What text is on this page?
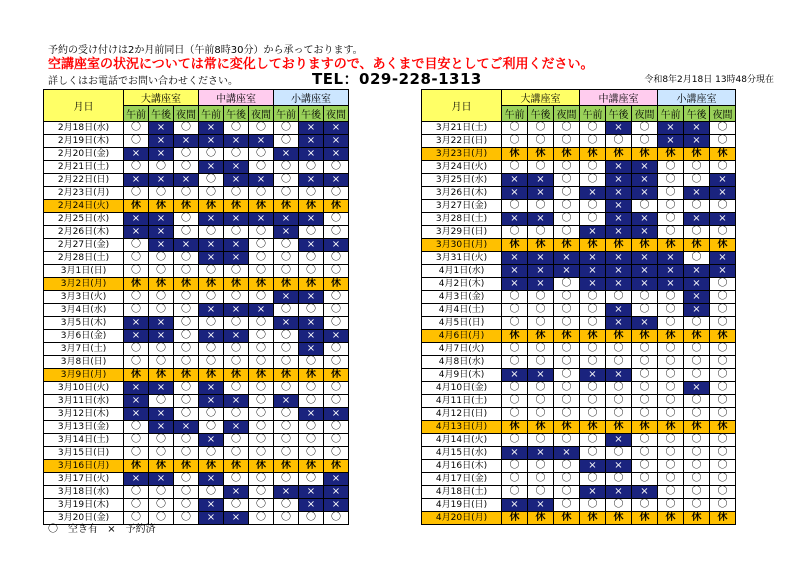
予約の受け付けは2か月前同日（午前8時30分）から承っております。
空講座室の状況については常に変化しておりますので、あくまで目安としてご利用ください。
詳しくはお電話でお問い合わせください。	TEL：029-228-1313	令和8年2月18日 13時48分現在
月日	大講座室			中講座室			小講座室		
	午前	午後	夜間	午前	午後	夜間	午前	午後	夜間
2月18日(水)	〇	×	〇	×	〇	〇	〇	×	×
2月19日(木)	〇	×	×	×	×	×	〇	×	×
2月20日(金)	×	×	〇	〇	〇	〇	×	×	×
2月21日(土)	〇	〇	〇	×	×	〇	〇	〇	〇
2月22日(日)	×	×	×	〇	×	×	〇	×	×
2月23日(月)	〇	〇	〇	〇	〇	〇	〇	〇	〇
2月24日(火)	休	休	休	休	休	休	休	休	休
2月25日(水)	×	×	〇	×	×	×	×	×	〇
2月26日(木)	×	×	〇	〇	〇	〇	×	〇	〇
2月27日(金)	〇	×	×	×	×	〇	〇	×	×
2月28日(土)	〇	〇	〇	×	×	〇	〇	〇	〇
3月1日(日)	〇	〇	〇	〇	〇	〇	〇	〇	〇
3月2日(月)	休	休	休	休	休	休	休	休	休
3月3日(火)	〇	〇	〇	〇	〇	〇	×	×	〇
3月4日(水)	〇	〇	〇	×	×	×	〇	〇	〇
3月5日(木)	×	×	〇	〇	〇	〇	×	×	〇
3月6日(金)	×	×	〇	×	×	〇	〇	×	×
3月7日(土)	〇	〇	〇	〇	〇	〇	〇	×	〇
3月8日(日)	〇	〇	〇	〇	〇	〇	〇	〇	〇
3月9日(月)	休	休	休	休	休	休	休	休	休
3月10日(火)	×	×	〇	×	〇	〇	〇	〇	〇
3月11日(水)	×	〇	〇	×	×	〇	×	〇	〇
3月12日(木)	×	×	〇	〇	〇	〇	〇	×	×
3月13日(金)	〇	×	×	〇	×	〇	〇	〇	〇
3月14日(土)	〇	〇	〇	×	〇	〇	〇	〇	〇
3月15日(日)	〇	〇	〇	〇	〇	〇	〇	〇	〇
3月16日(月)	休	休	休	休	休	休	休	休	休
3月17日(火)	×	×	〇	×	〇	〇	〇	〇	×
3月18日(水)	〇	〇	〇	〇	×	〇	×	×	×
3月19日(木)	〇	〇	〇	×	〇	〇	〇	×	×
3月20日(金)	〇	〇	〇	×	×	〇	〇	〇	〇
月日	大講座室			中講座室			小講座室		
	午前	午後	夜間	午前	午後	夜間	午前	午後	夜間
3月21日(土)	〇	〇	〇	〇	×	〇	×	×	〇
3月22日(日)	〇	〇	〇	〇	〇	〇	×	×	〇
3月23日(月)	休	休	休	休	休	休	休	休	休
3月24日(火)	〇	〇	〇	〇	×	×	〇	〇	〇
3月25日(水)	×	×	〇	〇	×	×	〇	〇	×
3月26日(木)	×	×	〇	×	×	×	〇	×	×
3月27日(金)	〇	〇	〇	〇	×	〇	〇	〇	〇
3月28日(土)	×	×	〇	〇	×	×	〇	×	×
3月29日(日)	〇	〇	〇	×	×	×	〇	〇	〇
3月30日(月)	休	休	休	休	休	休	休	休	休
3月31日(火)	×	×	×	×	×	×	×	〇	×
4月1日(水)	×	×	×	×	×	×	×	×	×
4月2日(木)	×	×	〇	×	×	×	×	×	〇
4月3日(金)	〇	〇	〇	〇	〇	〇	〇	×	〇
4月4日(土)	〇	〇	〇	〇	×	〇	〇	×	〇
4月5日(日)	〇	〇	〇	〇	×	×	〇	〇	〇
4月6日(月)	休	休	休	休	休	休	休	休	休
4月7日(火)	〇	〇	〇	〇	〇	〇	〇	〇	〇
4月8日(水)	〇	〇	〇	〇	〇	〇	〇	〇	〇
4月9日(木)	×	×	〇	×	×	〇	〇	〇	〇
4月10日(金)	〇	〇	〇	〇	〇	〇	〇	×	〇
4月11日(土)	〇	〇	〇	〇	〇	〇	〇	〇	〇
4月12日(日)	〇	〇	〇	〇	〇	〇	〇	〇	〇
4月13日(月)	休	休	休	休	休	休	休	休	休
4月14日(火)	〇	〇	〇	〇	×	〇	〇	〇	〇
4月15日(水)	×	×	×	〇	〇	〇	〇	〇	〇
4月16日(木)	〇	〇	〇	×	×	〇	〇	〇	〇
4月17日(金)	〇	〇	〇	〇	〇	〇	〇	〇	〇
4月18日(土)	〇	〇	〇	×	×	×	〇	〇	〇
4月19日(日)	×	×	〇	〇	〇	〇	〇	〇	〇
4月20日(月)	休	休	休	休	休	休	休	休	休
〇　空き有 ×　予約済
